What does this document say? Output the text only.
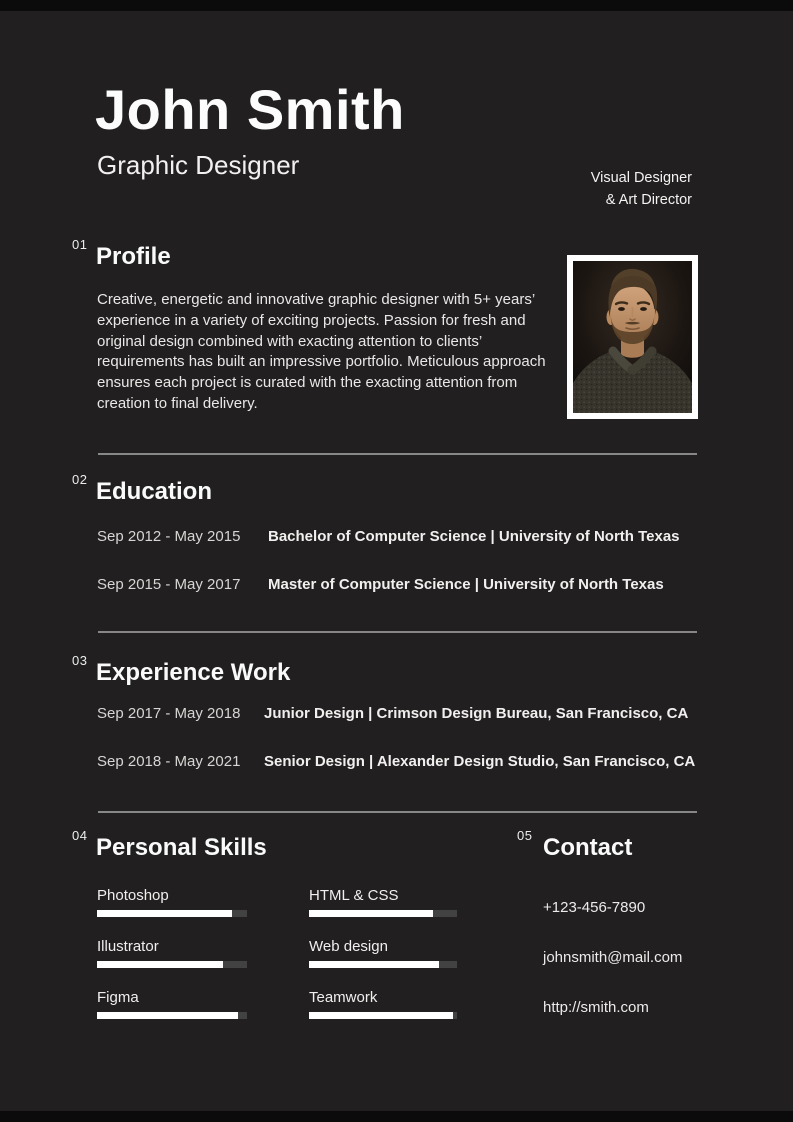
John Smith
Graphic Designer	Visual Designer
& Art Director
01 Profile
Creative, energetic and innovative graphic designer with 5+ years’ experience in a variety of exciting projects. Passion for fresh and original design combined with exacting attention to clients’ requirements has built an impressive portfolio. Meticulous approach ensures each project is curated with the exacting attention from creation to final delivery.
02 Education
Sep 2012 - May 2015 Bachelor of Computer Science | University of North Texas
Sep 2015 - May 2017 Master of Computer Science | University of North Texas
03 Experience Work
Sep 2017 - May 2018 Junior Design | Crimson Design Bureau, San Francisco, CA
Sep 2018 - May 2021 Senior Design | Alexander Design Studio, San Francisco, CA
04 Personal Skills
Photoshop	HTML & CSS
Illustrator	Web design
Figma	Teamwork
05 Contact
+123-456-7890
johnsmith@mail.com
http://smith.com
